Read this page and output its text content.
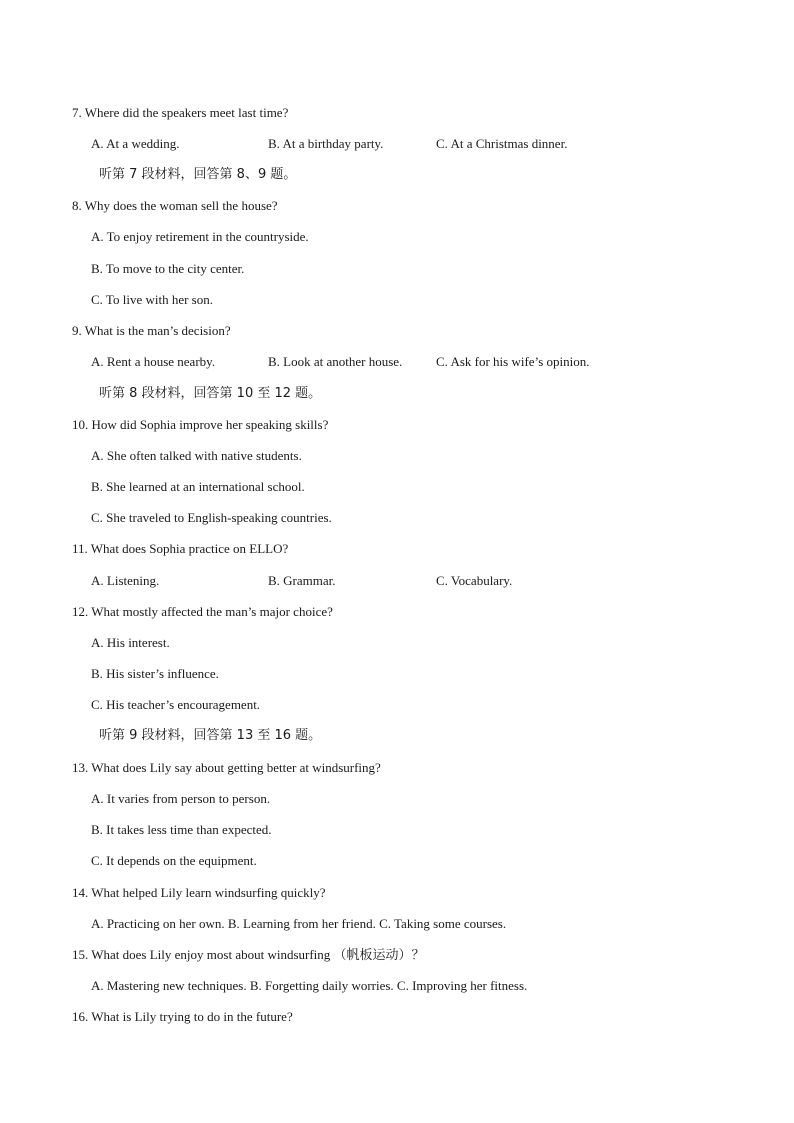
7. Where did the speakers meet last time?
A. At a wedding.	B. At a birthday party.	C. At a Christmas dinner.
听第 7 段材料，回答第 8、9 题。
8. Why does the woman sell the house?
A. To enjoy retirement in the countryside.
B. To move to the city center.
C. To live with her son.
9. What is the man’s decision?
A. Rent a house nearby.	B. Look at another house.	C. Ask for his wife’s opinion.
听第 8 段材料，回答第 10 至 12 题。
10. How did Sophia improve her speaking skills?
A. She often talked with native students.
B. She learned at an international school.
C. She traveled to English-speaking countries.
11. What does Sophia practice on ELLO?
A. Listening.	B. Grammar.	C. Vocabulary.
12. What mostly affected the man’s major choice?
A. His interest.
B. His sister’s influence.
C. His teacher’s encouragement.
听第 9 段材料，回答第 13 至 16 题。
13. What does Lily say about getting better at windsurfing?
A. It varies from person to person.
B. It takes less time than expected.
C. It depends on the equipment.
14. What helped Lily learn windsurfing quickly?
A. Practicing on her own. B. Learning from her friend. C. Taking some courses.
15. What does Lily enjoy most about windsurfing （帆板运动）？
A. Mastering new techniques. B. Forgetting daily worries. C. Improving her fitness.
16. What is Lily trying to do in the future?
